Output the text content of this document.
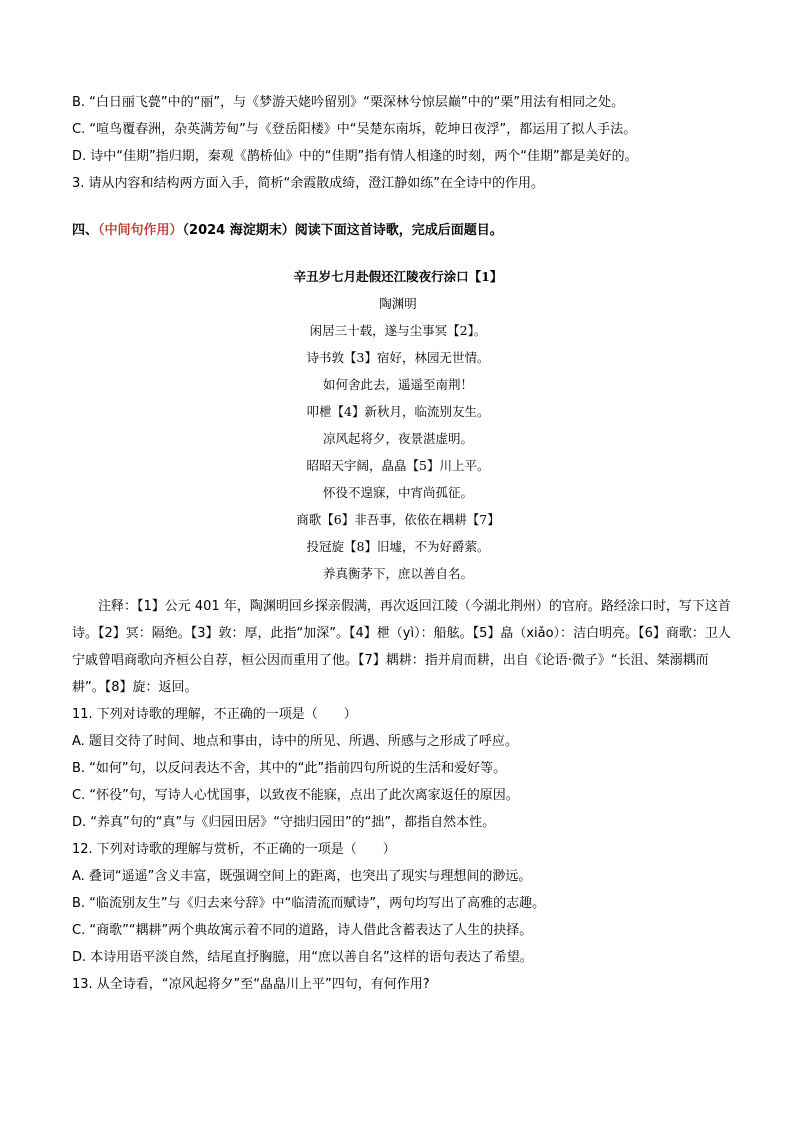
B. “白日丽飞甍”中的“丽”，与《梦游天姥吟留别》“栗深林兮惊层巅”中的“栗”用法有相同之处。
C. “喧鸟覆春洲，杂英满芳甸”与《登岳阳楼》中“吴楚东南坼，乾坤日夜浮”，都运用了拟人手法。
D. 诗中“佳期”指归期，秦观《鹊桥仙》中的“佳期”指有情人相逢的时刻，两个“佳期”都是美好的。
3. 请从内容和结构两方面入手，简析“余霞散成绮，澄江静如练”在全诗中的作用。
四、（中间句作用）（2024 海淀期末）阅读下面这首诗歌，完成后面题目。
辛丑岁七月赴假还江陵夜行涂口【1】
陶渊明
闲居三十载，遂与尘事冥【2】。
诗书敦【3】宿好，林园无世情。
如何舍此去，遥遥至南荆！
叩枻【4】新秋月，临流别友生。
凉风起将夕，夜景湛虚明。
昭昭天宇阔，皛皛【5】川上平。
怀役不遑寐，中宵尚孤征。
商歌【6】非吾事，依依在耦耕【7】
投冠旋【8】旧墟，不为好爵萦。
养真衡茅下，庶以善自名。
注释：【1】公元 401 年，陶渊明回乡探亲假满，再次返回江陵（今湖北荆州）的官府。路经涂口时，写下这首诗。【2】冥：隔绝。【3】敦：厚，此指“加深”。【4】枻（yì）：船舷。【5】皛（xiǎo）：洁白明亮。【6】商歌：卫人宁戚曾唱商歌向齐桓公自荐，桓公因而重用了他。【7】耦耕：指并肩而耕，出自《论语·微子》“长沮、桀溺耦而耕”。【8】旋：返回。
11. 下列对诗歌的理解，不正确的一项是（　　）
A. 题目交待了时间、地点和事由，诗中的所见、所遇、所感与之形成了呼应。
B. “如何”句，以反问表达不舍，其中的“此”指前四句所说的生活和爱好等。
C. “怀役”句，写诗人心忧国事，以致夜不能寐，点出了此次离家返任的原因。
D. “养真”句的“真”与《归园田居》“守拙归园田”的“拙”，都指自然本性。
12. 下列对诗歌的理解与赏析，不正确的一项是（　　）
A. 叠词“遥遥”含义丰富，既强调空间上的距离，也突出了现实与理想间的渺远。
B. “临流别友生”与《归去来兮辞》中“临清流而赋诗”，两句均写出了高雅的志趣。
C. “商歌”“耦耕”两个典故寓示着不同的道路，诗人借此含蓄表达了人生的抉择。
D. 本诗用语平淡自然，结尾直抒胸臆，用“庶以善自名”这样的语句表达了希望。
13. 从全诗看，“凉风起将夕”至“皛皛川上平”四句，有何作用?
